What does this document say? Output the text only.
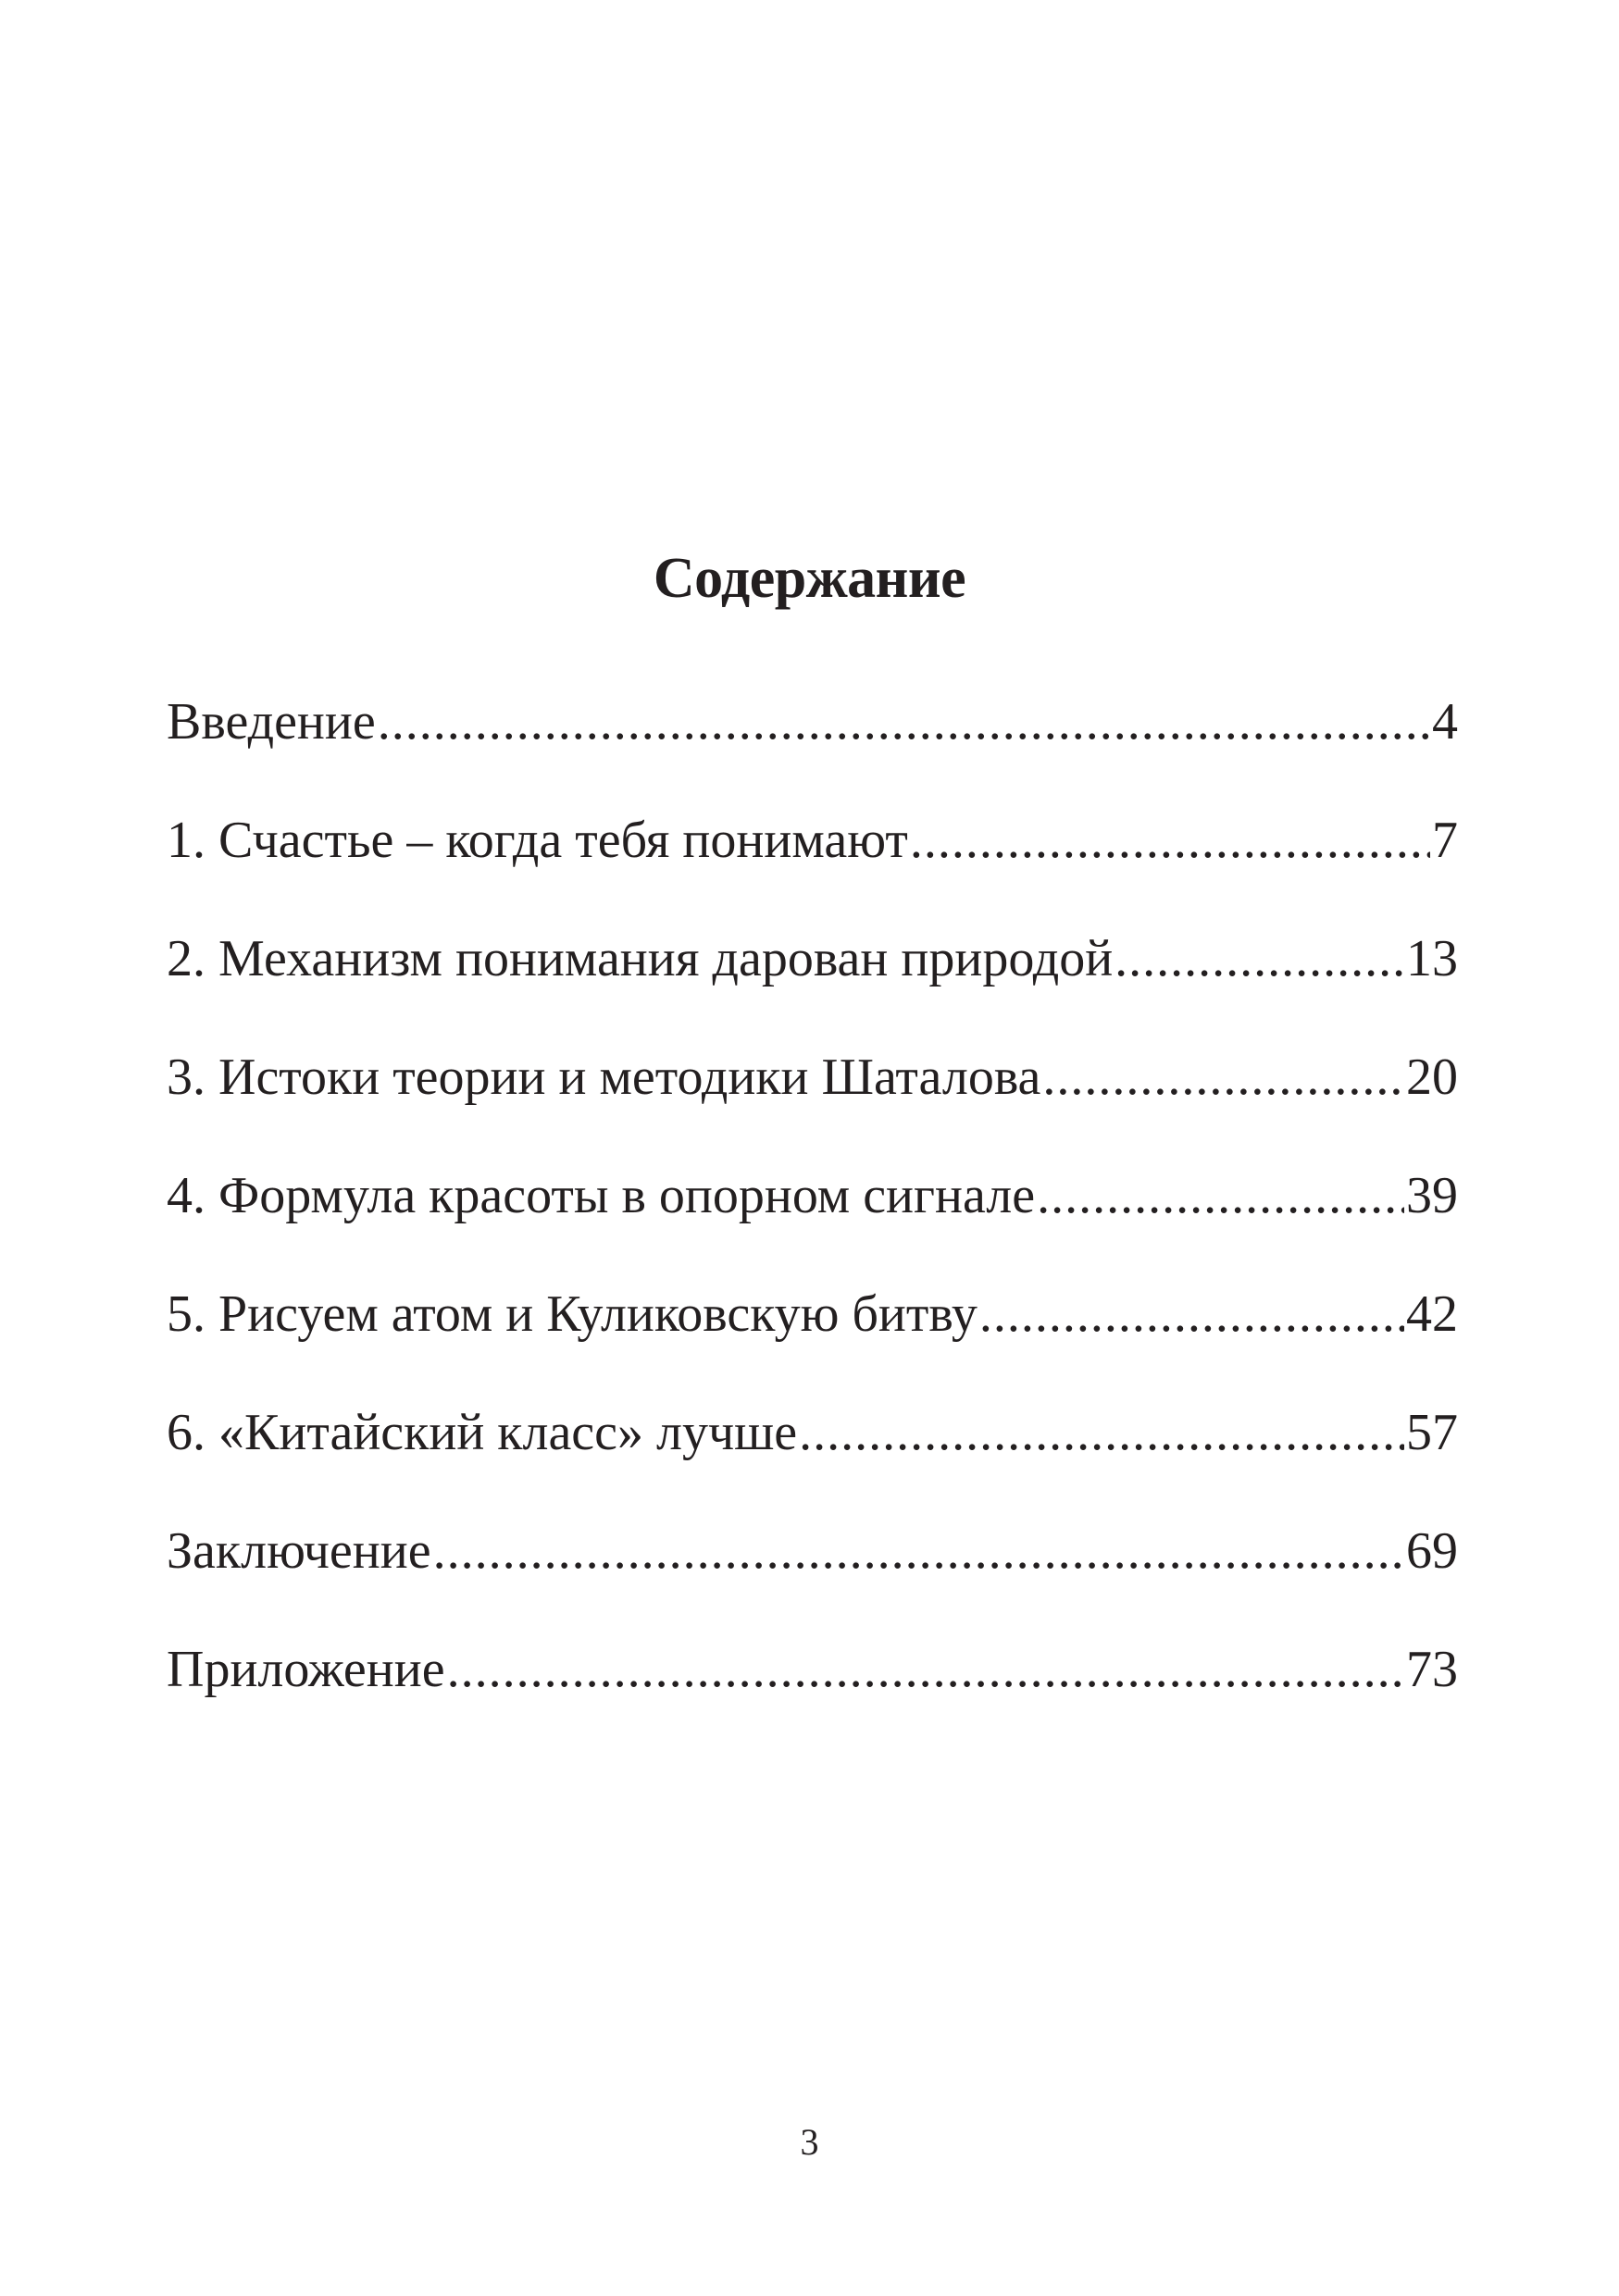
Содержание
Введение .....	4
1. Счастье – когда тебя понимают .....	7
2. Механизм понимания дарован природой .....	13
3. Истоки теории и методики Шаталова .....	20
4. Формула красоты в опорном сигнале .....	39
5. Рисуем атом и Куликовскую битву .....	42
6. «Китайский класс» лучше .....	57
Заключение .....	69
Приложение .....	73
3
